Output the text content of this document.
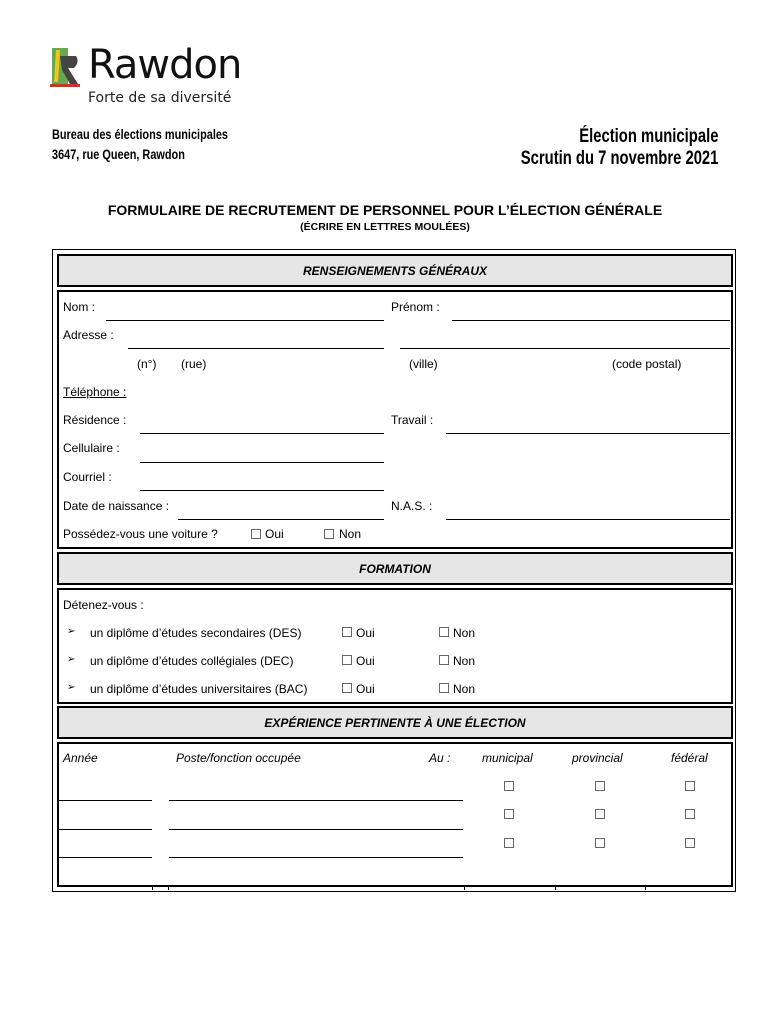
Rawdon
Forte de sa diversité
Bureau des élections municipales
3647, rue Queen, Rawdon
Élection municipale
Scrutin du 7 novembre 2021
FORMULAIRE DE RECRUTEMENT DE PERSONNEL POUR L’ÉLECTION GÉNÉRALE
(ÉCRIRE EN LETTRES MOULÉES)
RENSEIGNEMENTS GÉNÉRAUX
Nom :	Prénom :
Adresse :
(n°) (rue)	(ville)	(code postal)
Téléphone :
Résidence :	Travail :
Cellulaire :
Courriel :
Date de naissance :	N.A.S. :
Possédez-vous une voiture ?	Oui	Non
FORMATION
Détenez-vous :
➢ un diplôme d’études secondaires (DES)	Oui	Non
➢ un diplôme d’études collégiales (DEC)	Oui	Non
➢ un diplôme d’études universitaires (BAC)	Oui	Non
EXPÉRIENCE PERTINENTE À UNE ÉLECTION
Année	Poste/fonction occupée	Au :	municipal	provincial	fédéral
